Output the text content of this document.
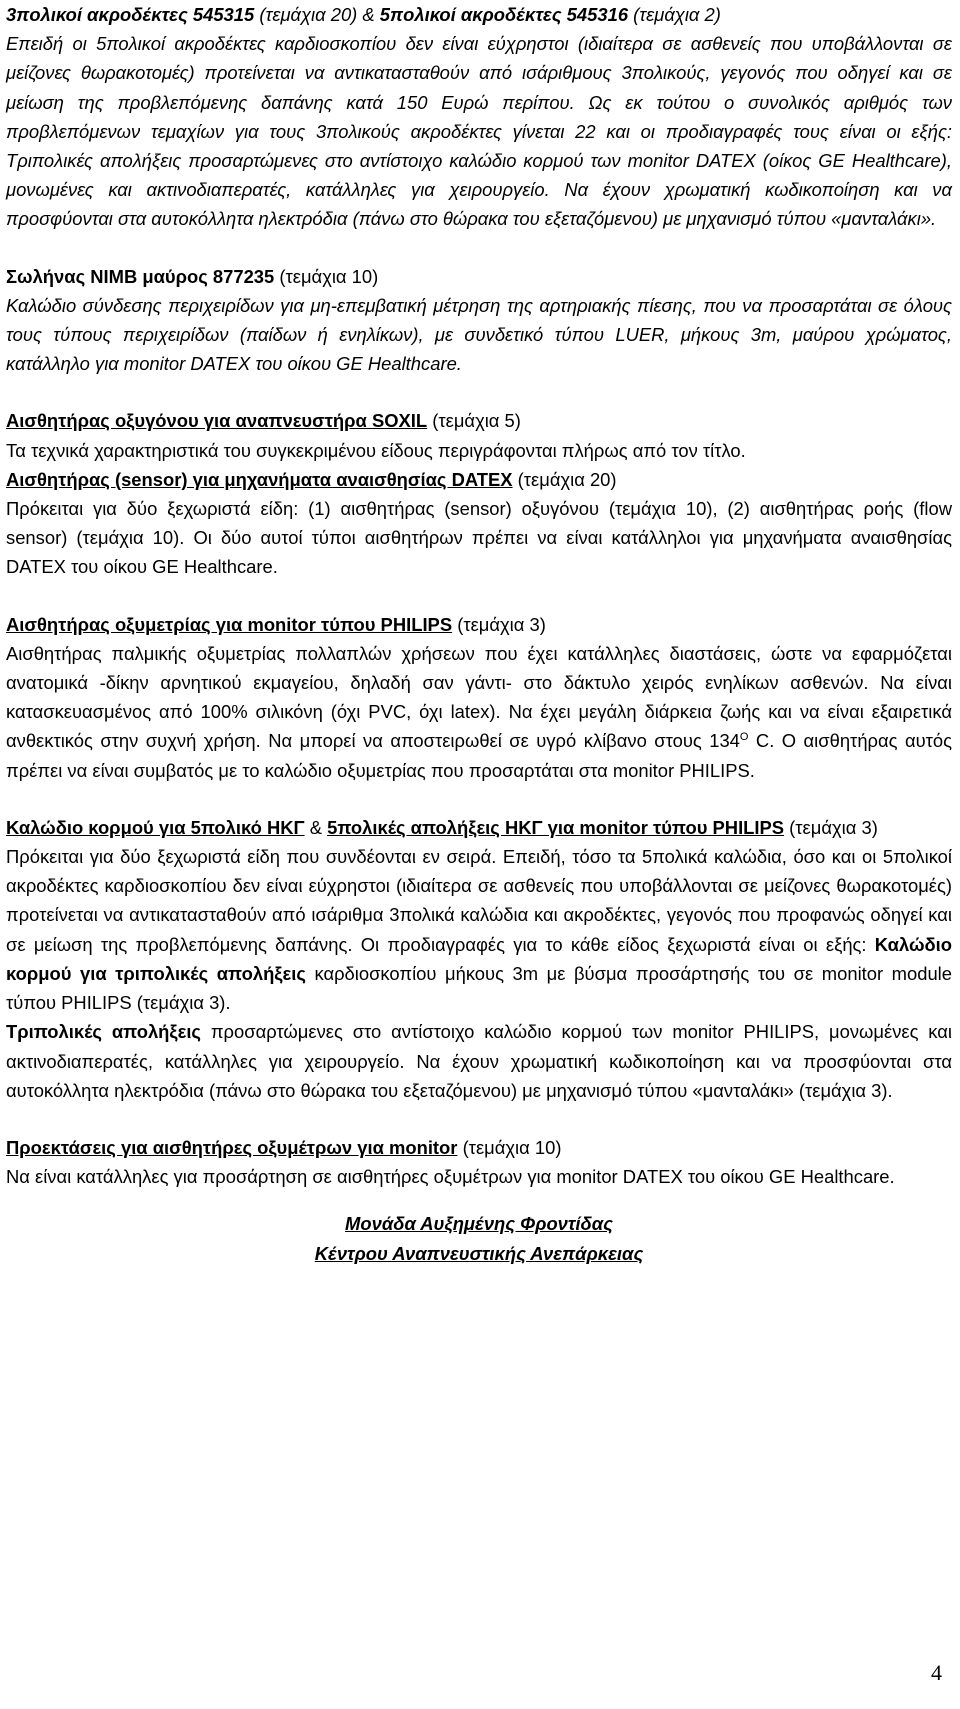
3πολικοί ακροδέκτες 545315 (τεμάχια 20) & 5πολικοί ακροδέκτες 545316 (τεμάχια 2)

Επειδή οι 5πολικοί ακροδέκτες καρδιοσκοπίου δεν είναι εύχρηστοι (ιδιαίτερα σε ασθενείς που υποβάλλονται σε μείζονες θωρακοτομές) προτείνεται να αντικατασταθούν από ισάριθμους 3πολικούς, γεγονός που οδηγεί και σε μείωση της προβλεπόμενης δαπάνης κατά 150 Ευρώ περίπου. Ως εκ τούτου ο συνολικός αριθμός των προβλεπόμενων τεμαχίων για τους 3πολικούς ακροδέκτες γίνεται 22 και οι προδιαγραφές τους είναι οι εξής: Τριπολικές απολήξεις προσαρτώμενες στο αντίστοιχο καλώδιο κορμού των monitor DATEX (οίκος GE Healthcare), μονωμένες και ακτινοδιαπερατές, κατάλληλες για χειρουργείο. Να έχουν χρωματική κωδικοποίηση και να προσφύονται στα αυτοκόλλητα ηλεκτρόδια (πάνω στο θώρακα του εξεταζόμενου) με μηχανισμό τύπου «μανταλάκι».

Σωλήνας NIMB μαύρος 877235 (τεμάχια 10)

Καλώδιο σύνδεσης περιχειρίδων για μη-επεμβατική μέτρηση της αρτηριακής πίεσης, που να προσαρτάται σε όλους τους τύπους περιχειρίδων (παίδων ή ενηλίκων), με συνδετικό τύπου LUER, μήκους 3m, μαύρου χρώματος, κατάλληλο για monitor DATEX του οίκου GE Healthcare.

Αισθητήρας οξυγόνου για αναπνευστήρα SOXIL (τεμάχια 5)

Τα τεχνικά χαρακτηριστικά του συγκεκριμένου είδους περιγράφονται πλήρως από τον τίτλο.

Αισθητήρας (sensor) για μηχανήματα αναισθησίας DATEX (τεμάχια 20)

Πρόκειται για δύο ξεχωριστά είδη: (1) αισθητήρας (sensor) οξυγόνου (τεμάχια 10), (2) αισθητήρας ροής (flow sensor) (τεμάχια 10). Οι δύο αυτοί τύποι αισθητήρων πρέπει να είναι κατάλληλοι για μηχανήματα αναισθησίας DATEX του οίκου GE Healthcare.

Αισθητήρας οξυμετρίας για monitor τύπου PHILIPS (τεμάχια 3)

Αισθητήρας παλμικής οξυμετρίας πολλαπλών χρήσεων που έχει κατάλληλες διαστάσεις, ώστε να εφαρμόζεται ανατομικά -δίκην αρνητικού εκμαγείου, δηλαδή σαν γάντι- στο δάκτυλο χειρός ενηλίκων ασθενών. Να είναι κατασκευασμένος από 100% σιλικόνη (όχι PVC, όχι latex). Να έχει μεγάλη διάρκεια ζωής και να είναι εξαιρετικά ανθεκτικός στην συχνή χρήση. Να μπορεί να αποστειρωθεί σε υγρό κλίβανο στους $134^O$ C. Ο αισθητήρας αυτός πρέπει να είναι συμβατός με το καλώδιο οξυμετρίας που προσαρτάται στα monitor PHILIPS.

Καλώδιο κορμού για 5πολικό ΗΚΓ & 5πολικές απολήξεις ΗΚΓ για monitor τύπου PHILIPS (τεμάχια 3)

Πρόκειται για δύο ξεχωριστά είδη που συνδέονται εν σειρά. Επειδή, τόσο τα 5πολικά καλώδια, όσο και οι 5πολικοί ακροδέκτες καρδιοσκοπίου δεν είναι εύχρηστοι (ιδιαίτερα σε ασθενείς που υποβάλλονται σε μείζονες θωρακοτομές) προτείνεται να αντικατασταθούν από ισάριθμα 3πολικά καλώδια και ακροδέκτες, γεγονός που προφανώς οδηγεί και σε μείωση της προβλεπόμενης δαπάνης. Οι προδιαγραφές για το κάθε είδος ξεχωριστά είναι οι εξής: Καλώδιο κορμού για τριπολικές απολήξεις καρδιοσκοπίου μήκους 3m με βύσμα προσάρτησής του σε monitor module τύπου PHILIPS (τεμάχια 3).

Τριπολικές απολήξεις προσαρτώμενες στο αντίστοιχο καλώδιο κορμού των monitor PHILIPS, μονωμένες και ακτινοδιαπερατές, κατάλληλες για χειρουργείο. Να έχουν χρωματική κωδικοποίηση και να προσφύονται στα αυτοκόλλητα ηλεκτρόδια (πάνω στο θώρακα του εξεταζόμενου) με μηχανισμό τύπου «μανταλάκι» (τεμάχια 3).

Προεκτάσεις για αισθητήρες οξυμέτρων για monitor (τεμάχια 10)

Να είναι κατάλληλες για προσάρτηση σε αισθητήρες οξυμέτρων για monitor DATEX του οίκου GE Healthcare.

Μονάδα Αυξημένης Φροντίδας

Κέντρου Αναπνευστικής Ανεπάρκειας

4
